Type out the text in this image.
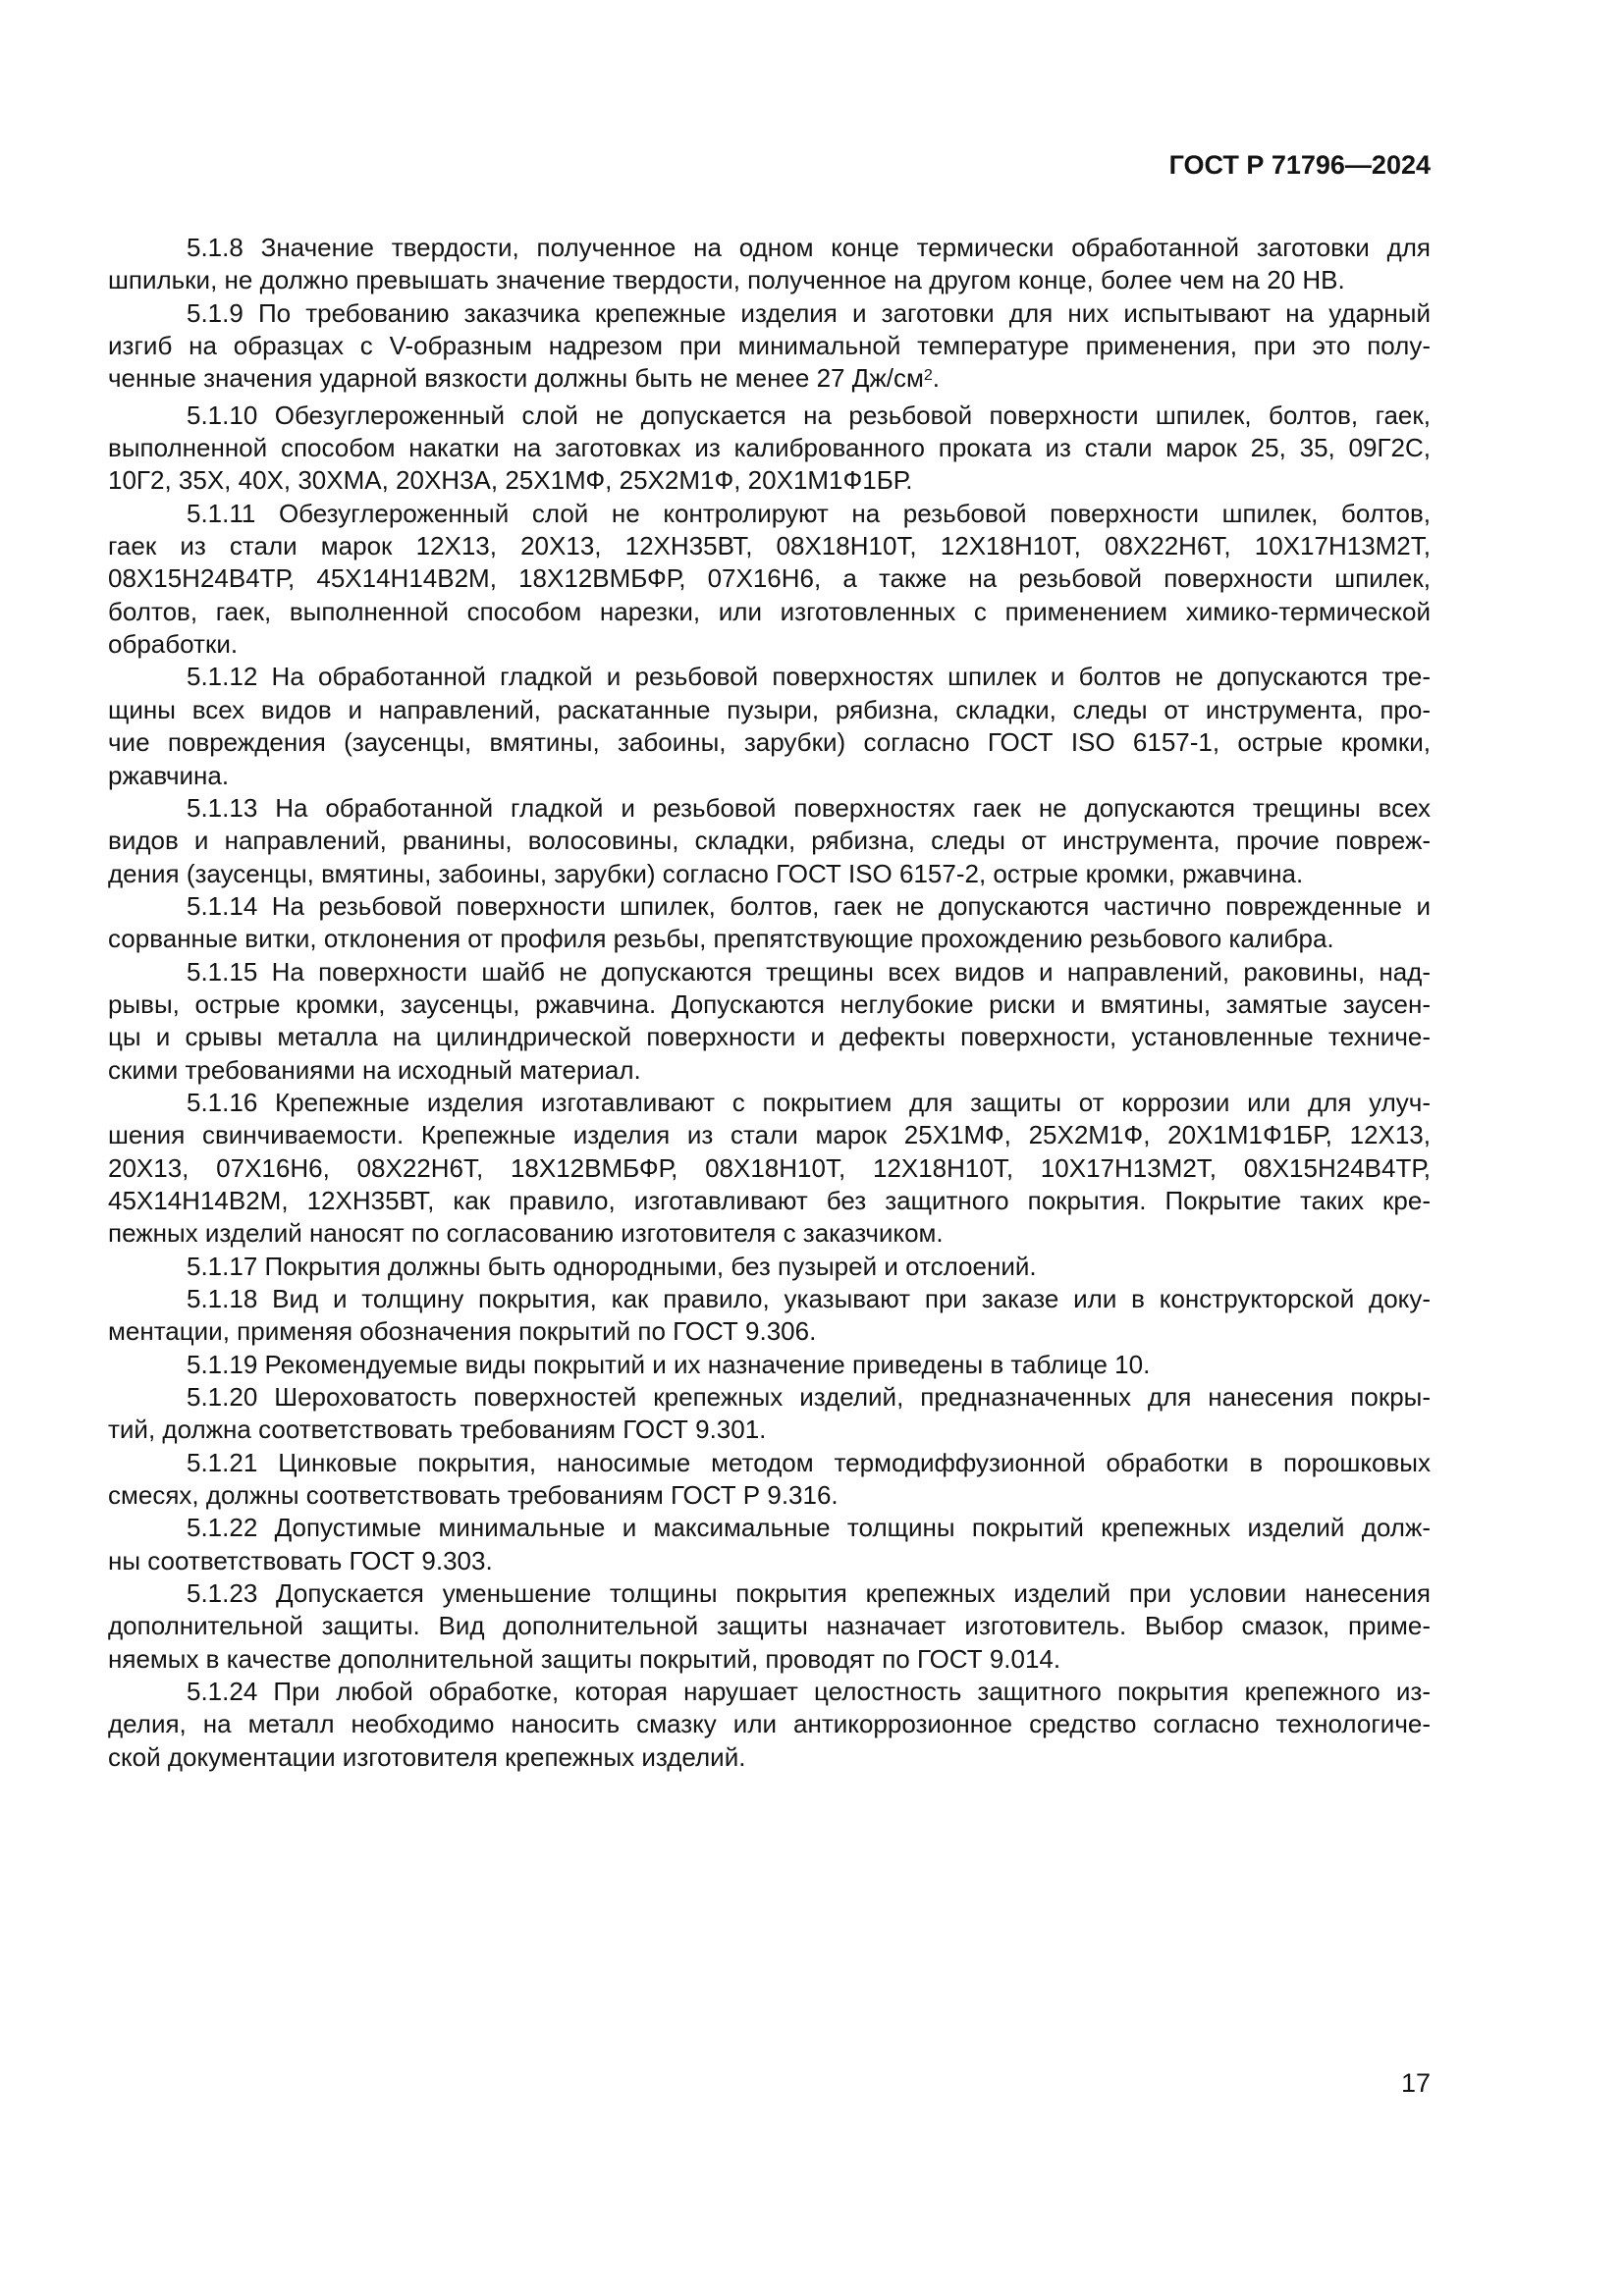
ГОСТ Р 71796—2024
5.1.8 Значение твердости, полученное на одном конце термически обработанной заготовки для
шпильки, не должно превышать значение твердости, полученное на другом конце, более чем на 20 НВ.
5.1.9 По требованию заказчика крепежные изделия и заготовки для них испытывают на ударный
изгиб на образцах с V-образным надрезом при минимальной температуре применения, при это полу-
ченные значения ударной вязкости должны быть не менее 27 $Дж/см^2$.
5.1.10 Обезуглероженный слой не допускается на резьбовой поверхности шпилек, болтов, гаек,
выполненной способом накатки на заготовках из калиброванного проката из стали марок 25, 35, 09Г2С,
10Г2, 35Х, 40Х, 30ХМА, 20ХН3А, 25Х1МФ, 25Х2М1Ф, 20Х1М1Ф1БР.
5.1.11 Обезуглероженный слой не контролируют на резьбовой поверхности шпилек, болтов,
гаек из стали марок 12Х13, 20Х13, 12ХН35ВТ, 08Х18Н10Т, 12Х18Н10Т, 08Х22Н6Т, 10Х17Н13М2Т,
08Х15Н24В4ТР, 45Х14Н14В2М, 18Х12ВМБФР, 07Х16Н6, а также на резьбовой поверхности шпилек,
болтов, гаек, выполненной способом нарезки, или изготовленных с применением химико-термической
обработки.
5.1.12 На обработанной гладкой и резьбовой поверхностях шпилек и болтов не допускаются тре-
щины всех видов и направлений, раскатанные пузыри, рябизна, складки, следы от инструмента, про-
чие повреждения (заусенцы, вмятины, забоины, зарубки) согласно ГОСТ ISO 6157-1, острые кромки,
ржавчина.
5.1.13 На обработанной гладкой и резьбовой поверхностях гаек не допускаются трещины всех
видов и направлений, рванины, волосовины, складки, рябизна, следы от инструмента, прочие повреж-
дения (заусенцы, вмятины, забоины, зарубки) согласно ГОСТ ISO 6157-2, острые кромки, ржавчина.
5.1.14 На резьбовой поверхности шпилек, болтов, гаек не допускаются частично поврежденные и
сорванные витки, отклонения от профиля резьбы, препятствующие прохождению резьбового калибра.
5.1.15 На поверхности шайб не допускаются трещины всех видов и направлений, раковины, над-
рывы, острые кромки, заусенцы, ржавчина. Допускаются неглубокие риски и вмятины, замятые заусен-
цы и срывы металла на цилиндрической поверхности и дефекты поверхности, установленные техниче-
скими требованиями на исходный материал.
5.1.16 Крепежные изделия изготавливают с покрытием для защиты от коррозии или для улуч-
шения свинчиваемости. Крепежные изделия из стали марок 25Х1МФ, 25Х2М1Ф, 20Х1М1Ф1БР, 12Х13,
20Х13, 07Х16Н6, 08Х22Н6Т, 18Х12ВМБФР, 08Х18Н10Т, 12Х18Н10Т, 10Х17Н13М2Т, 08Х15Н24В4ТР,
45Х14Н14В2М, 12ХН35ВТ, как правило, изготавливают без защитного покрытия. Покрытие таких кре-
пежных изделий наносят по согласованию изготовителя с заказчиком.
5.1.17 Покрытия должны быть однородными, без пузырей и отслоений.
5.1.18 Вид и толщину покрытия, как правило, указывают при заказе или в конструкторской доку-
ментации, применяя обозначения покрытий по ГОСТ 9.306.
5.1.19 Рекомендуемые виды покрытий и их назначение приведены в таблице 10.
5.1.20 Шероховатость поверхностей крепежных изделий, предназначенных для нанесения покры-
тий, должна соответствовать требованиям ГОСТ 9.301.
5.1.21 Цинковые покрытия, наносимые методом термодиффузионной обработки в порошковых
смесях, должны соответствовать требованиям ГОСТ Р 9.316.
5.1.22 Допустимые минимальные и максимальные толщины покрытий крепежных изделий долж-
ны соответствовать ГОСТ 9.303.
5.1.23 Допускается уменьшение толщины покрытия крепежных изделий при условии нанесения
дополнительной защиты. Вид дополнительной защиты назначает изготовитель. Выбор смазок, приме-
няемых в качестве дополнительной защиты покрытий, проводят по ГОСТ 9.014.
5.1.24 При любой обработке, которая нарушает целостность защитного покрытия крепежного из-
делия, на металл необходимо наносить смазку или антикоррозионное средство согласно технологиче-
ской документации изготовителя крепежных изделий.
17
